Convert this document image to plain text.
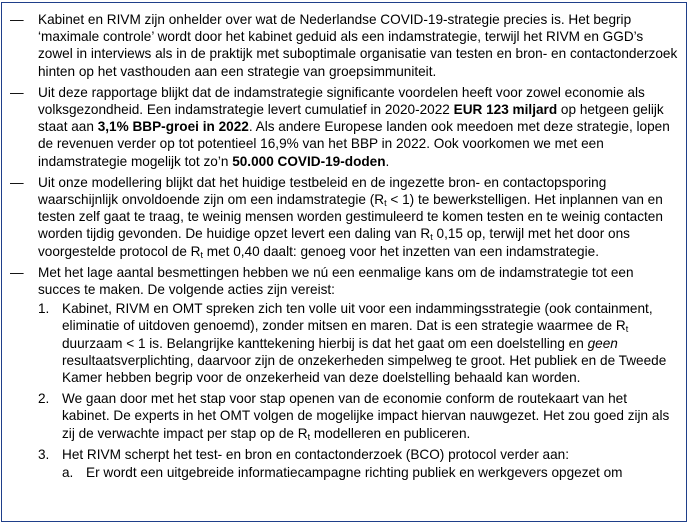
— Kabinet en RIVM zijn onhelder over wat de Nederlandse COVID-19-strategie precies is. Het begrip ‘maximale controle’ wordt door het kabinet geduid als een indamstrategie, terwijl het RIVM en GGD’s zowel in interviews als in de praktijk met suboptimale organisatie van testen en bron- en contactonderzoek hinten op het vasthouden aan een strategie van groepsimmuniteit.
— Uit deze rapportage blijkt dat de indamstrategie significante voordelen heeft voor zowel economie als volksgezondheid. Een indamstrategie levert cumulatief in 2020-2022 EUR 123 miljard op hetgeen gelijk staat aan 3,1% BBP-groei in 2022. Als andere Europese landen ook meedoen met deze strategie, lopen de revenuen verder op tot potentieel 16,9% van het BBP in 2022. Ook voorkomen we met een indamstrategie mogelijk tot zo’n 50.000 COVID-19-doden.
— Uit onze modellering blijkt dat het huidige testbeleid en de ingezette bron- en contactopsporing waarschijnlijk onvoldoende zijn om een indamstrategie $(R_t < 1)$ te bewerkstelligen. Het inplannen van en testen zelf gaat te traag, te weinig mensen worden gestimuleerd te komen testen en te weinig contacten worden tijdig gevonden. De huidige opzet levert een daling van $R_t$ 0,15 op, terwijl met het door ons voorgestelde protocol de $R_t$ met 0,40 daalt: genoeg voor het inzetten van een indamstrategie.
— Met het lage aantal besmettingen hebben we nú een eenmalige kans om de indamstrategie tot een succes te maken. De volgende acties zijn vereist:
1. Kabinet, RIVM en OMT spreken zich ten volle uit voor een indammingsstrategie (ook containment, eliminatie of uitdoven genoemd), zonder mitsen en maren. Dat is een strategie waarmee de $R_t$ duurzaam < 1 is. Belangrijke kanttekening hierbij is dat het gaat om een doelstelling en geen resultaatsverplichting, daarvoor zijn de onzekerheden simpelweg te groot. Het publiek en de Tweede Kamer hebben begrip voor de onzekerheid van deze doelstelling behaald kan worden.
2. We gaan door met het stap voor stap openen van de economie conform de routekaart van het kabinet. De experts in het OMT volgen de mogelijke impact hiervan nauwgezet. Het zou goed zijn als zij de verwachte impact per stap op de $R_t$ modelleren en publiceren.
3. Het RIVM scherpt het test- en bron en contactonderzoek (BCO) protocol verder aan:
a. Er wordt een uitgebreide informatiecampagne richting publiek en werkgevers opgezet om
